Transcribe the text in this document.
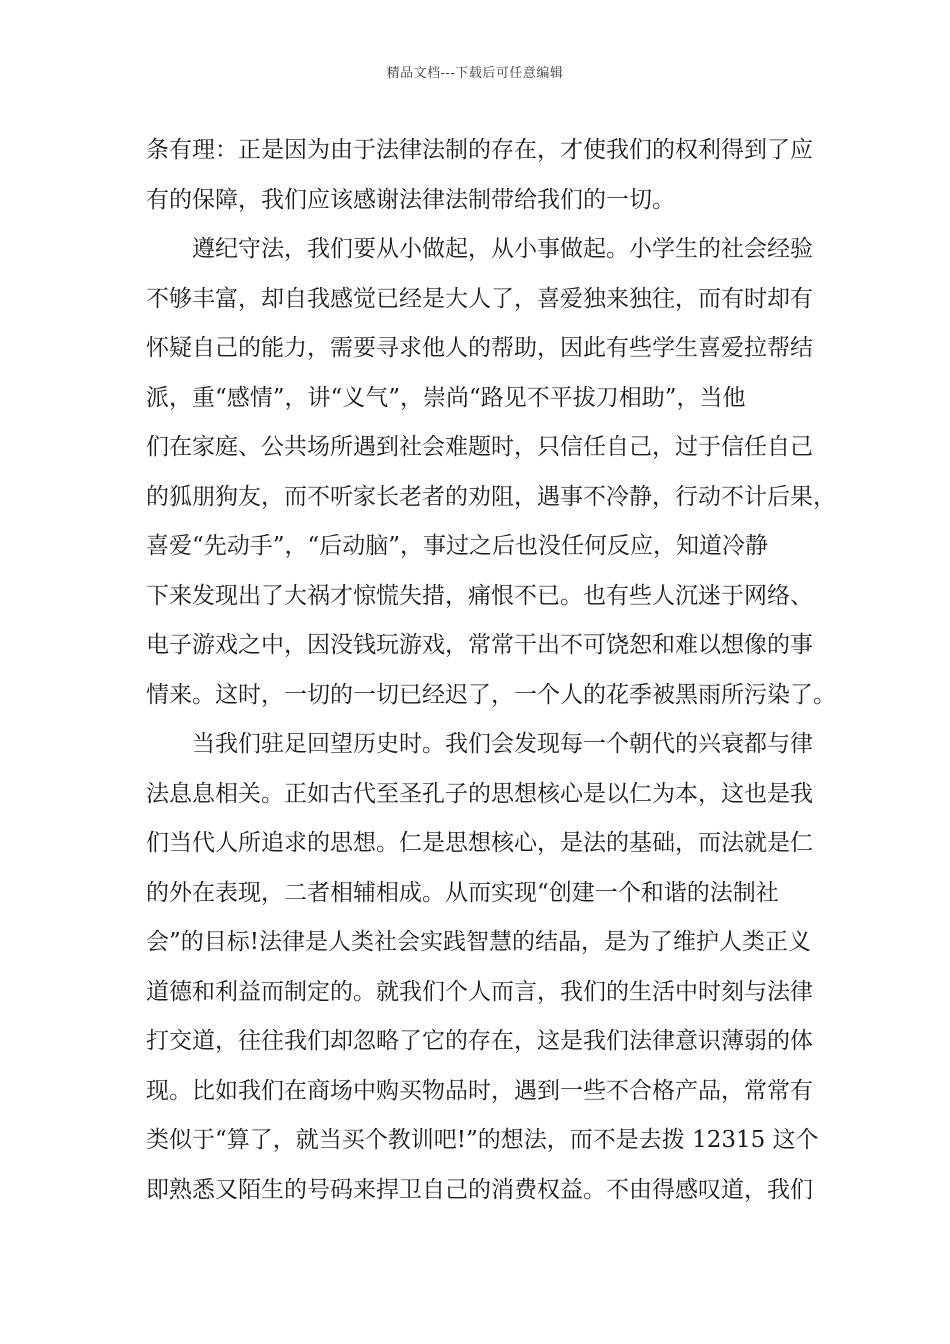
精品文档---下载后可任意编辑
条有理：正是因为由于法律法制的存在，才使我们的权利得到了应
有的保障，我们应该感谢法律法制带给我们的一切。
遵纪守法，我们要从小做起，从小事做起。小学生的社会经验
不够丰富，却自我感觉已经是大人了，喜爱独来独往，而有时却有
怀疑自己的能力，需要寻求他人的帮助，因此有些学生喜爱拉帮结
派，重“感情”，讲“义气”，崇尚“路见不平拔刀相助”，当他
们在家庭、公共场所遇到社会难题时，只信任自己，过于信任自己
的狐朋狗友，而不听家长老者的劝阻，遇事不冷静，行动不计后果，
喜爱“先动手”，“后动脑”，事过之后也没任何反应，知道冷静
下来发现出了大祸才惊慌失措，痛恨不已。也有些人沉迷于网络、
电子游戏之中，因没钱玩游戏，常常干出不可饶恕和难以想像的事
情来。这时，一切的一切已经迟了，一个人的花季被黑雨所污染了。
当我们驻足回望历史时。我们会发现每一个朝代的兴衰都与律
法息息相关。正如古代至圣孔子的思想核心是以仁为本，这也是我
们当代人所追求的思想。仁是思想核心，是法的基础，而法就是仁
的外在表现，二者相辅相成。从而实现“创建一个和谐的法制社
会”的目标!法律是人类社会实践智慧的结晶，是为了维护人类正义
道德和利益而制定的。就我们个人而言，我们的生活中时刻与法律
打交道，往往我们却忽略了它的存在，这是我们法律意识薄弱的体
现。比如我们在商场中购买物品时，遇到一些不合格产品，常常有
类似于“算了，就当买个教训吧!”的想法，而不是去拨 12315 这个
即熟悉又陌生的号码来捍卫自己的消费权益。不由得感叹道，我们
